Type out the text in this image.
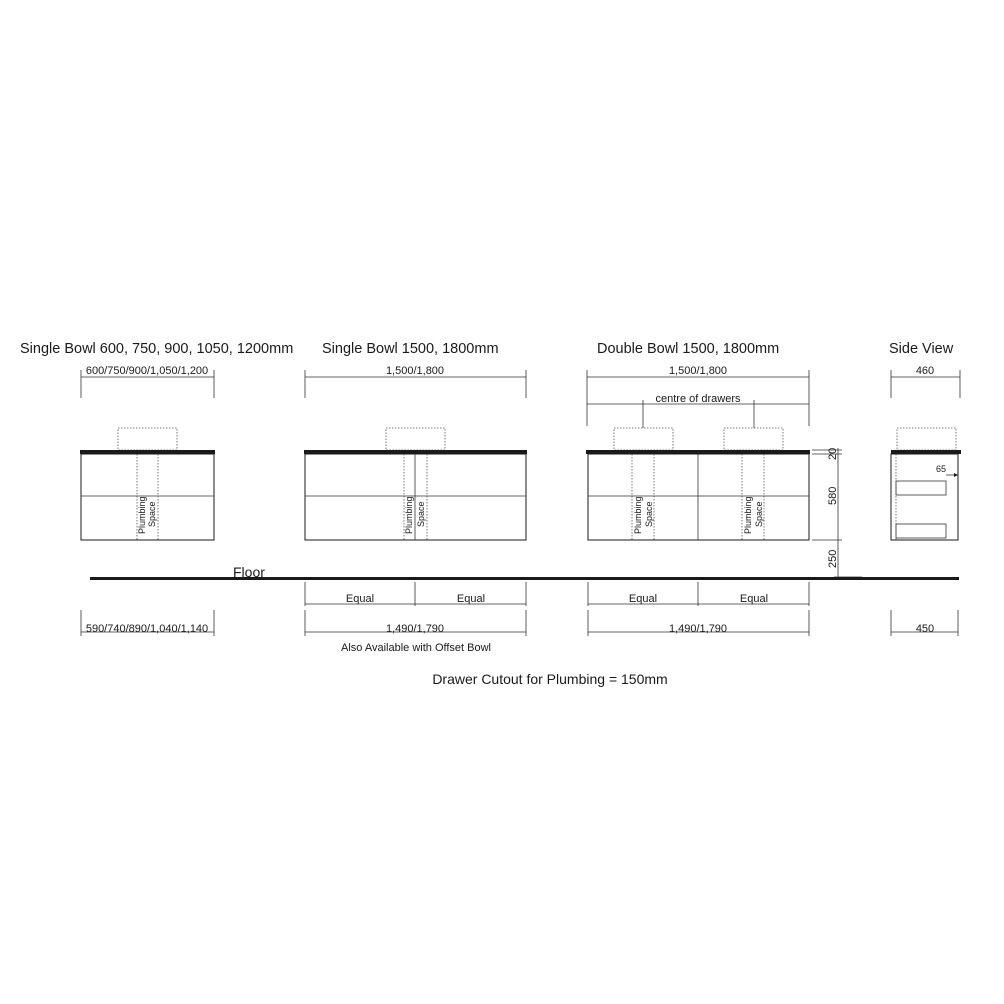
Single Bowl 600, 750, 900, 1050, 1200mm Single Bowl 1500, 1800mm	Double Bowl 1500, 1800mm	Side View
600/750/900/1,050/1,200
Plumbing Space
590/740/890/1,040/1,140
1,500/1,800
Plumbing Space
Equal	Equal
1,490/1,790
Also Available with Offset Bowl
1,500/1,800
centre of drawers
Plumbing Space	Plumbing Space
Equal	Equal
1,490/1,790
20
580
250
460
65
450
Floor
Drawer Cutout for Plumbing = 150mm
